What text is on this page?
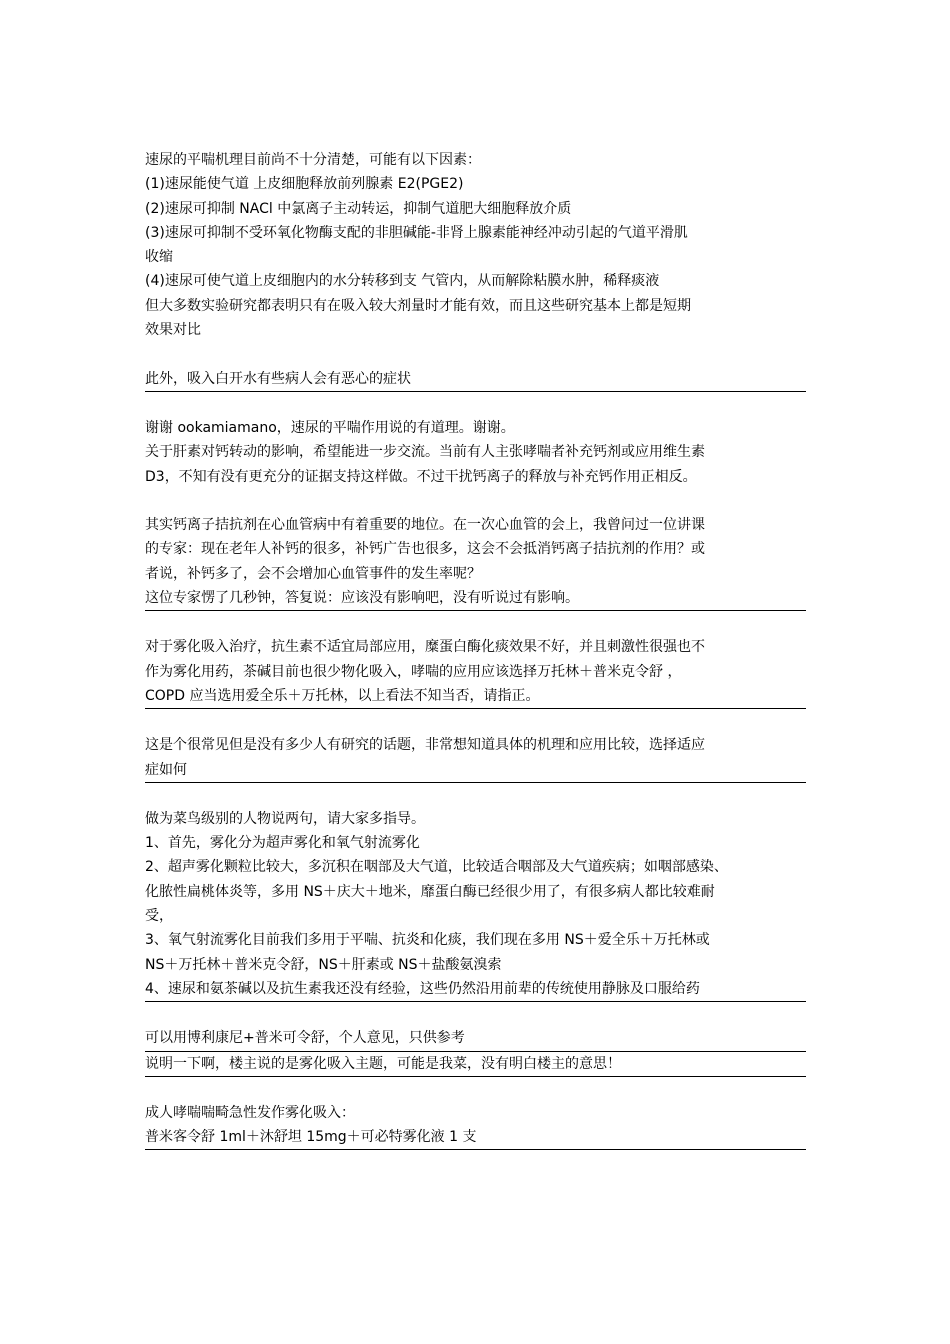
速尿的平喘机理目前尚不十分清楚，可能有以下因素：
(1)速尿能使气道 上皮细胞释放前列腺素 E2(PGE2)
(2)速尿可抑制 NACl 中氯离子主动转运，抑制气道肥大细胞释放介质
(3)速尿可抑制不受环氧化物酶支配的非胆碱能-非肾上腺素能神经冲动引起的气道平滑肌
收缩
(4)速尿可使气道上皮细胞内的水分转移到支 气管内，从而解除粘膜水肿，稀释痰液
但大多数实验研究都表明只有在吸入较大剂量时才能有效，而且这些研究基本上都是短期
效果对比

此外，吸入白开水有些病人会有恶心的症状
谢谢 ookamiamano，速尿的平喘作用说的有道理。谢谢。
关于肝素对钙转动的影响，希望能进一步交流。当前有人主张哮喘者补充钙剂或应用维生素
D3，不知有没有更充分的证据支持这样做。不过干扰钙离子的释放与补充钙作用正相反。

其实钙离子拮抗剂在心血管病中有着重要的地位。在一次心血管的会上，我曾问过一位讲课
的专家：现在老年人补钙的很多，补钙广告也很多，这会不会抵消钙离子拮抗剂的作用？或
者说，补钙多了，会不会增加心血管事件的发生率呢？
这位专家愣了几秒钟，答复说：应该没有影响吧，没有听说过有影响。
对于雾化吸入治疗，抗生素不适宜局部应用，糜蛋白酶化痰效果不好，并且刺激性很强也不
作为雾化用药，茶碱目前也很少物化吸入，哮喘的应用应该选择万托林＋普米克令舒 ，
COPD 应当选用爱全乐＋万托林，以上看法不知当否，请指正。
这是个很常见但是没有多少人有研究的话题，非常想知道具体的机理和应用比较，选择适应
症如何
做为菜鸟级别的人物说两句，请大家多指导。
1、首先，雾化分为超声雾化和氧气射流雾化
2、超声雾化颗粒比较大，多沉积在咽部及大气道，比较适合咽部及大气道疾病；如咽部感染、
化脓性扁桃体炎等，多用 NS＋庆大＋地米，靡蛋白酶已经很少用了，有很多病人都比较难耐
受，
3、氧气射流雾化目前我们多用于平喘、抗炎和化痰，我们现在多用 NS＋爱全乐＋万托林或
NS＋万托林＋普米克令舒，NS＋肝素或 NS＋盐酸氨溴索
4、速尿和氨茶碱以及抗生素我还没有经验，这些仍然沿用前辈的传统使用静脉及口服给药
可以用博利康尼+普米可令舒，个人意见，只供参考
说明一下啊，楼主说的是雾化吸入主题，可能是我菜，没有明白楼主的意思！
成人哮喘喘畸急性发作雾化吸入：
普米客令舒 1ml＋沐舒坦 15mg＋可必特雾化液 1 支
